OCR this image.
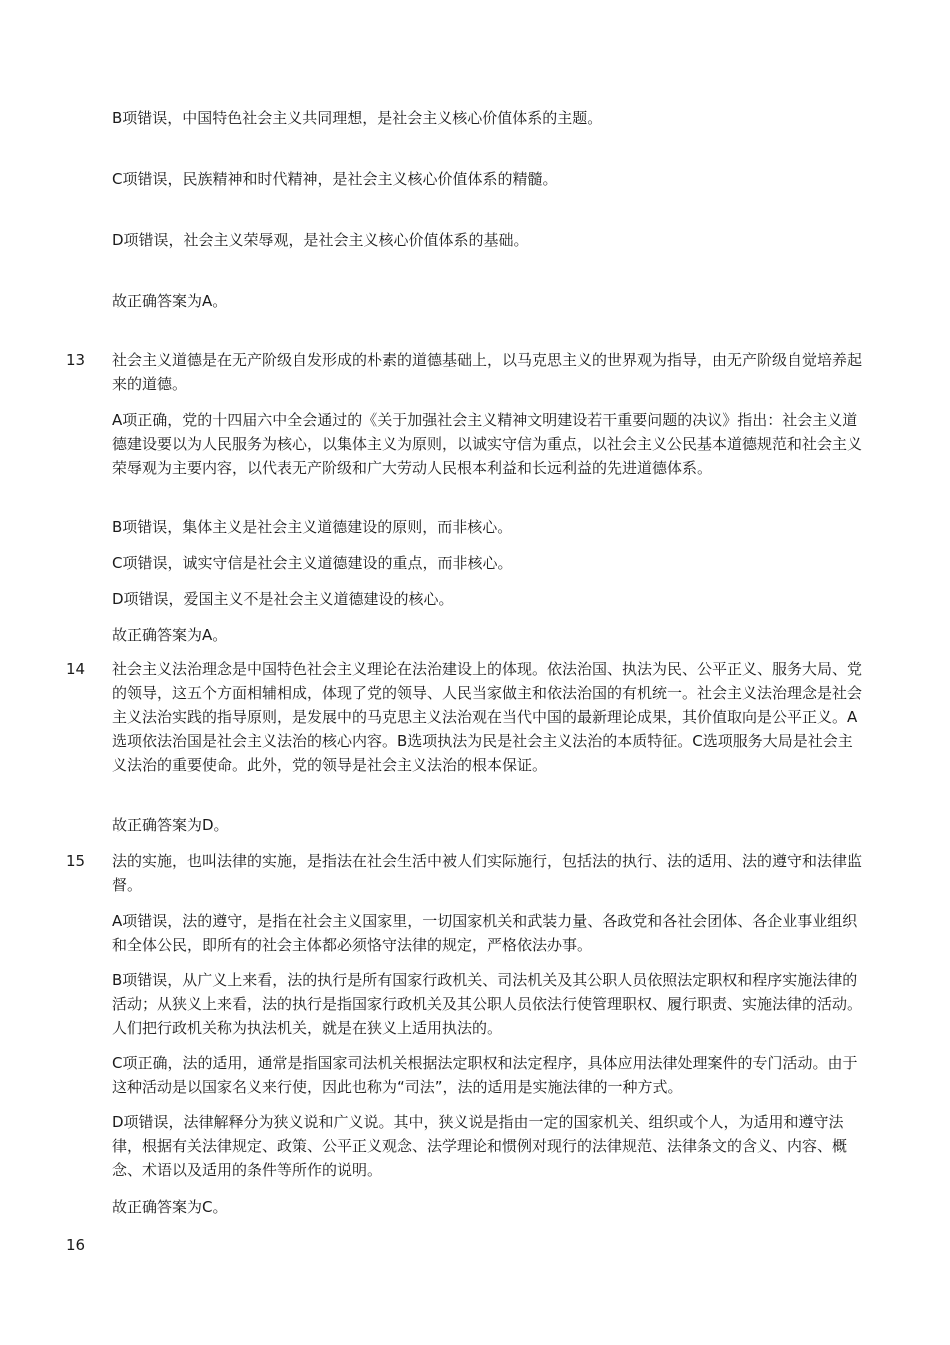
B项错误，中国特色社会主义共同理想，是社会主义核心价值体系的主题。

C项错误，民族精神和时代精神，是社会主义核心价值体系的精髓。

D项错误，社会主义荣辱观，是社会主义核心价值体系的基础。

故正确答案为A。

13 社会主义道德是在无产阶级自发形成的朴素的道德基础上，以马克思主义的世界观为指导，由无产阶级自觉培养起来的道德。

A项正确，党的十四届六中全会通过的《关于加强社会主义精神文明建设若干重要问题的决议》指出：社会主义道德建设要以为人民服务为核心，以集体主义为原则，以诚实守信为重点，以社会主义公民基本道德规范和社会主义荣辱观为主要内容，以代表无产阶级和广大劳动人民根本利益和长远利益的先进道德体系。

B项错误，集体主义是社会主义道德建设的原则，而非核心。

C项错误，诚实守信是社会主义道德建设的重点，而非核心。

D项错误，爱国主义不是社会主义道德建设的核心。

故正确答案为A。

14 社会主义法治理念是中国特色社会主义理论在法治建设上的体现。依法治国、执法为民、公平正义、服务大局、党的领导，这五个方面相辅相成，体现了党的领导、人民当家做主和依法治国的有机统一。社会主义法治理念是社会主义法治实践的指导原则，是发展中的马克思主义法治观在当代中国的最新理论成果，其价值取向是公平正义。A选项依法治国是社会主义法治的核心内容。B选项执法为民是社会主义法治的本质特征。C选项服务大局是社会主义法治的重要使命。此外，党的领导是社会主义法治的根本保证。

故正确答案为D。

15 法的实施，也叫法律的实施，是指法在社会生活中被人们实际施行，包括法的执行、法的适用、法的遵守和法律监督。

A项错误，法的遵守，是指在社会主义国家里，一切国家机关和武装力量、各政党和各社会团体、各企业事业组织和全体公民，即所有的社会主体都必须恪守法律的规定，严格依法办事。

B项错误，从广义上来看，法的执行是所有国家行政机关、司法机关及其公职人员依照法定职权和程序实施法律的活动；从狭义上来看，法的执行是指国家行政机关及其公职人员依法行使管理职权、履行职责、实施法律的活动。人们把行政机关称为执法机关，就是在狭义上适用执法的。

C项正确，法的适用，通常是指国家司法机关根据法定职权和法定程序，具体应用法律处理案件的专门活动。由于这种活动是以国家名义来行使，因此也称为“司法”，法的适用是实施法律的一种方式。

D项错误，法律解释分为狭义说和广义说。其中，狭义说是指由一定的国家机关、组织或个人，为适用和遵守法律，根据有关法律规定、政策、公平正义观念、法学理论和惯例对现行的法律规范、法律条文的含义、内容、概念、术语以及适用的条件等所作的说明。

故正确答案为C。

16
